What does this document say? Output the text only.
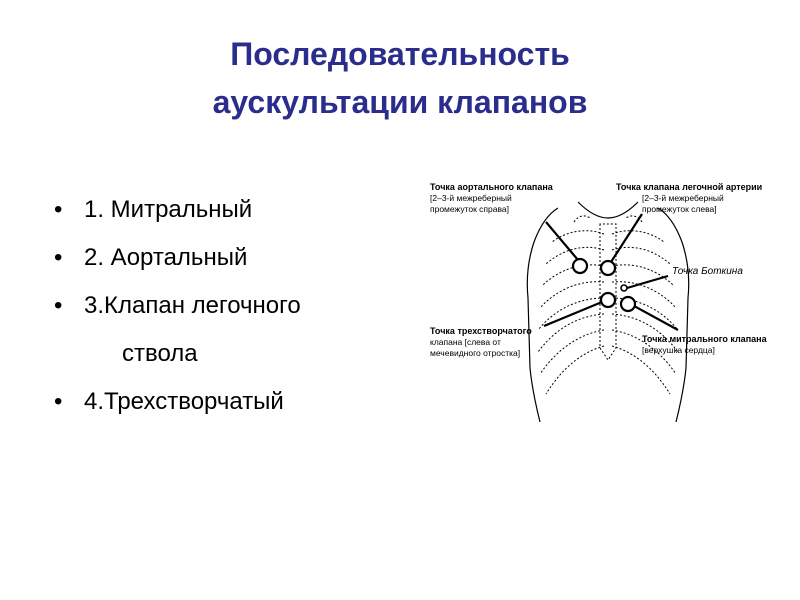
Последовательность
аускультации клапанов
• 1. Митральный
• 2. Аортальный
• 3.Клапан легочного
ствола
• 4.Трехстворчатый
Точка аортального клапана
[2–3-й межреберный
промежуток справа]
Точка клапана легочной артерии
[2–3-й межреберный
промежуток слева]
Точка Боткина
Точка трехстворчатого
клапана [слева от
мечевидного отростка]
Точка митрального клапана
[верхушка сердца]
